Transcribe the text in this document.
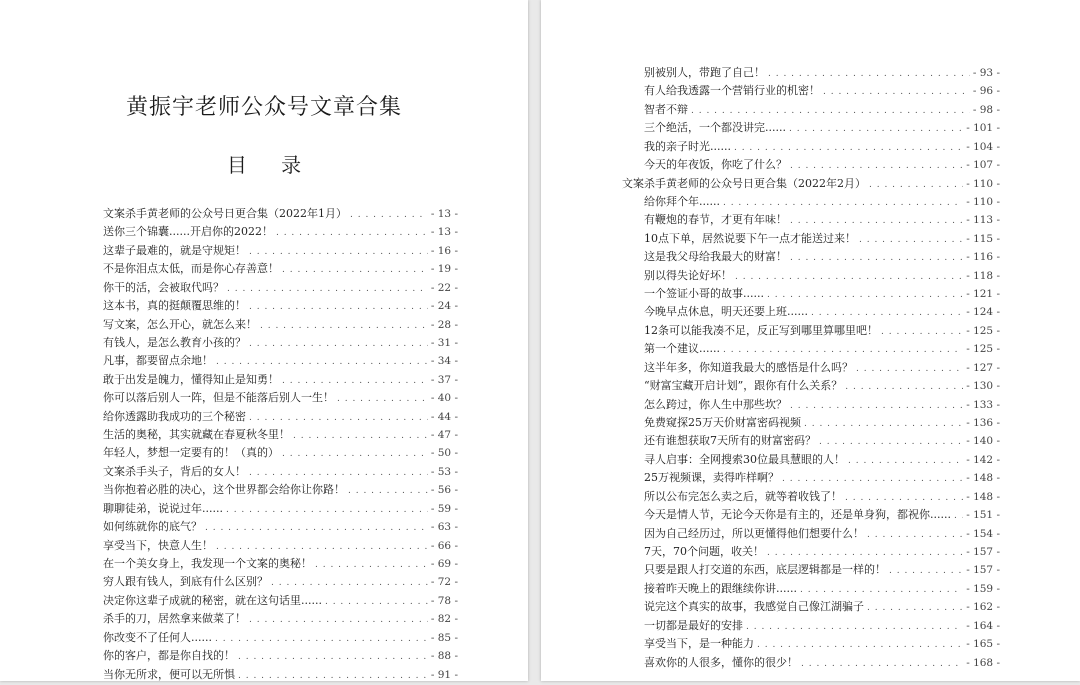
黄振宇老师公众号文章合集
目 录
文案杀手黄老师的公众号日更合集（2022年1月） . . .	- 13 -
送你三个锦囊......开启你的2022！ . . .	- 13 -
这辈子最难的，就是守规矩！ . . .	- 16 -
不是你泪点太低，而是你心存善意！ . . .	- 19 -
你干的活，会被取代吗？ . . .	- 22 -
这本书，真的挺颠覆思维的！ . . .	- 24 -
写文案，怎么开心，就怎么来！ . . .	- 28 -
有钱人，是怎么教育小孩的？ . . .	- 31 -
凡事，都要留点余地！ . . .	- 34 -
敢于出发是魄力，懂得知止是知勇！ . . .	- 37 -
你可以落后别人一阵，但是不能落后别人一生！ . . .	- 40 -
给你透露助我成功的三个秘密 . . .	- 44 -
生活的奥秘，其实就藏在春夏秋冬里！ . . .	- 47 -
年轻人，梦想一定要有的！（真的） . . .	- 50 -
文案杀手头子，背后的女人！ . . .	- 53 -
当你抱着必胜的决心，这个世界都会给你让你路！ . . .	- 56 -
聊聊徒弟，说说过年...... . . .	- 59 -
如何练就你的底气？ . . .	- 63 -
享受当下，快意人生！ . . .	- 66 -
在一个美女身上，我发现一个文案的奥秘！ . . .	- 69 -
穷人跟有钱人，到底有什么区别？ . . .	- 72 -
决定你这辈子成就的秘密，就在这句话里...... . . .	- 78 -
杀手的刀，居然拿来做菜了！ . . .	- 82 -
你改变不了任何人...... . . .	- 85 -
你的客户，都是你自找的！ . . .	- 88 -
当你无所求，便可以无所惧 . . .	- 91 -
别被别人，带跑了自己！ . . .	- 93 -
有人给我透露一个营销行业的机密！ . . .	- 96 -
智者不辩 . . .	- 98 -
三个绝活，一个都没讲完...... . . .	- 101 -
我的亲子时光...... . . .	- 104 -
今天的年夜饭，你吃了什么？ . . .	- 107 -
文案杀手黄老师的公众号日更合集（2022年2月） . . .	- 110 -
给你拜个年...... . . .	- 110 -
有鞭炮的春节，才更有年味！ . . .	- 113 -
10点下单，居然说要下午一点才能送过来！ . . .	- 115 -
这是我父母给我最大的财富！ . . .	- 116 -
别以得失论好坏！ . . .	- 118 -
一个签证小哥的故事...... . . .	- 121 -
今晚早点休息，明天还要上班...... . . .	- 124 -
12条可以能我凑不足，反正写到哪里算哪里吧！ . . .	- 125 -
第一个建议...... . . .	- 125 -
这半年多，你知道我最大的感悟是什么吗？ . . .	- 127 -
“财富宝藏开启计划”，跟你有什么关系？ . . .	- 130 -
怎么跨过，你人生中那些坎？ . . .	- 133 -
免费窥探25万天价财富密码视频 . . .	- 136 -
还有谁想获取7天所有的财富密码？ . . .	- 140 -
寻人启事：全网搜索30位最具慧眼的人！ . . .	- 142 -
25万视频课，卖得咋样啊？ . . .	- 148 -
所以公布完怎么卖之后，就等着收钱了！ . . .	- 148 -
今天是情人节，无论今天你是有主的，还是单身狗，都祝你...... . . . - 151 -
因为自己经历过，所以更懂得他们想要什么！ . . .	- 154 -
7天，70个问题，收关！ . . .	- 157 -
只要是跟人打交道的东西，底层逻辑都是一样的！ . . .	- 157 -
接着昨天晚上的跟继续你讲...... . . .	- 159 -
说完这个真实的故事，我感觉自己像江湖骗子 . . .	- 162 -
一切都是最好的安排 . . .	- 164 -
享受当下，是一种能力 . . .	- 165 -
喜欢你的人很多，懂你的很少！ . . .	- 168 -
